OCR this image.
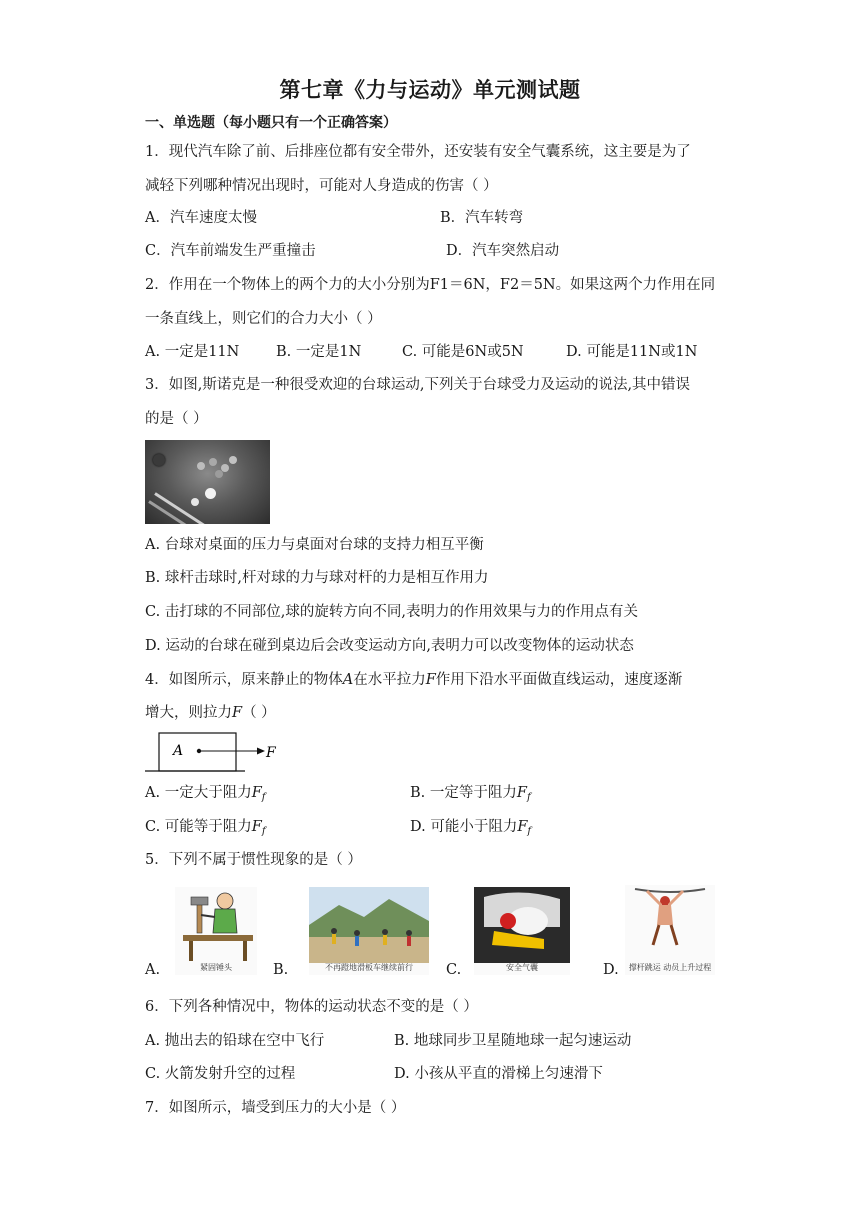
第七章《力与运动》单元测试题
一、单选题（每小题只有一个正确答案）
1．现代汽车除了前、后排座位都有安全带外，还安装有安全气囊系统，这主要是为了
减轻下列哪种情况出现时，可能对人身造成的伤害（ ）
A．汽车速度太慢	B．汽车转弯
C．汽车前端发生严重撞击	D．汽车突然启动
2．作用在一个物体上的两个力的大小分别为F1＝6N，F2＝5N。如果这两个力作用在同
一条直线上，则它们的合力大小（ ）
A. 一定是11N	B. 一定是1N	C. 可能是6N或5N	D. 可能是11N或1N
3．如图,斯诺克是一种很受欢迎的台球运动,下列关于台球受力及运动的说法,其中错误
的是（ ）
A. 台球对桌面的压力与桌面对台球的支持力相互平衡
B. 球杆击球时,杆对球的力与球对杆的力是相互作用力
C. 击打球的不同部位,球的旋转方向不同,表明力的作用效果与力的作用点有关
D. 运动的台球在碰到桌边后会改变运动方向,表明力可以改变物体的运动状态
4．如图所示，原来静止的物体A在水平拉力F作用下沿水平面做直线运动，速度逐渐
增大，则拉力F（ ）
A	F
A. 一定大于阻力$F_f$	B. 一定等于阻力$F_f$
C. 可能等于阻力$F_f$	D. 可能小于阻力$F_f$
5．下列不属于惯性现象的是（ ）
A.	紧固锤头	B.	不再蹬地滑板车继续前行	C.	安全气囊	D.	撑杆跳运 动员上升过程
6．下列各种情况中，物体的运动状态不变的是（ ）
A. 抛出去的铅球在空中飞行	B. 地球同步卫星随地球一起匀速运动
C. 火箭发射升空的过程	D. 小孩从平直的滑梯上匀速滑下
7．如图所示，墙受到压力的大小是（ ）
